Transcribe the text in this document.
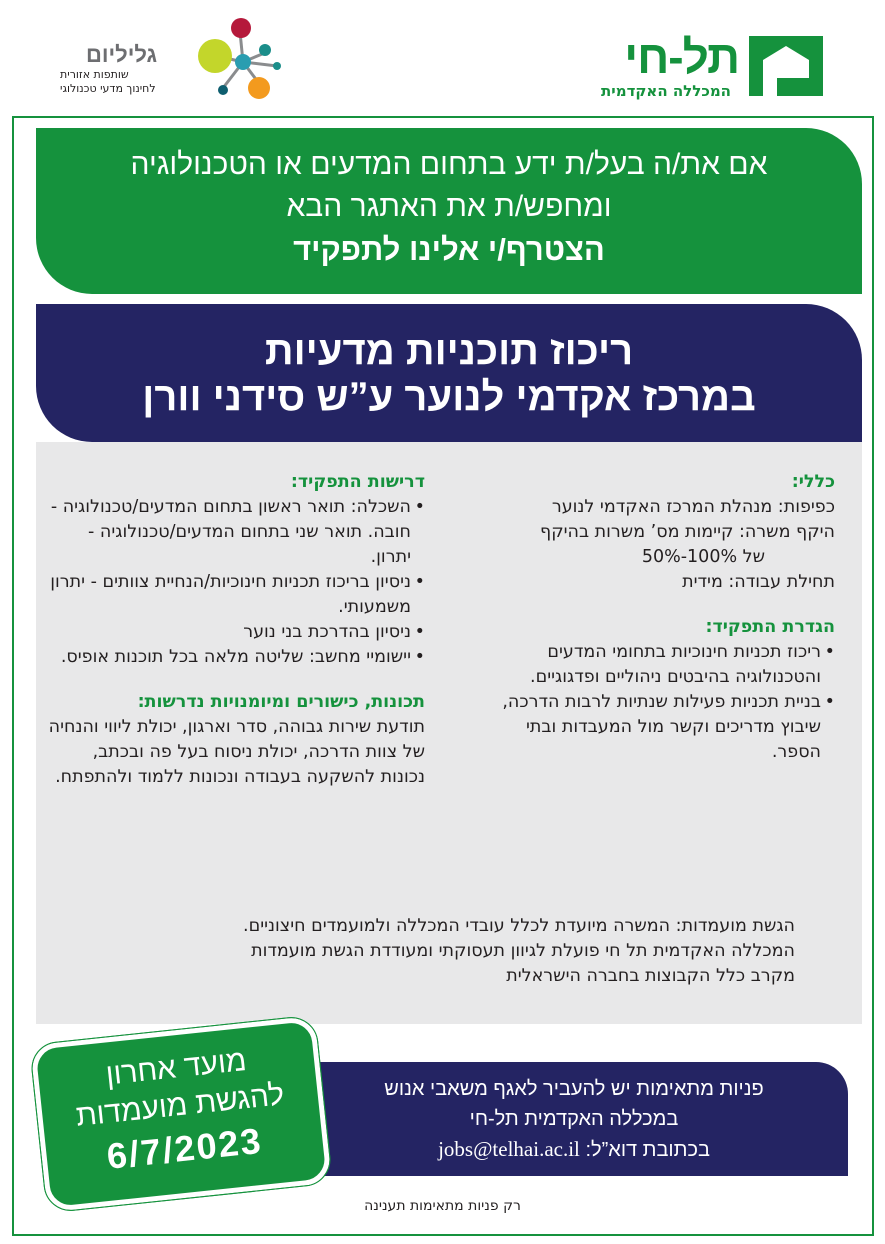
תל-חי
המכללה האקדמית
גליליום
שותפות אזורית
לחינוך מדעי טכנולוגי
אם את/ה בעל/ת ידע בתחום המדעים או הטכנולוגיה
ומחפש/ת את האתגר הבא
הצטרף/י אלינו לתפקיד
ריכוז תוכניות מדעיות
במרכז אקדמי לנוער ע”ש סידני וורן
כללי:
כפיפות: מנהלת המרכז האקדמי לנוער
היקף משרה: קיימות מס’ משרות בהיקף
של 100%-50%
תחילת עבודה: מידית
הגדרת התפקיד:
• ריכוז תכניות חינוכיות בתחומי המדעים והטכנולוגיה בהיבטים ניהוליים ופדגוגיים.
• בניית תכניות פעילות שנתיות לרבות הדרכה, שיבוץ מדריכים וקשר מול המעבדות ובתי הספר.
דרישות התפקיד:
• השכלה: תואר ראשון בתחום המדעים/טכנולוגיה - חובה. תואר שני בתחום המדעים/טכנולוגיה - יתרון.
• ניסיון בריכוז תכניות חינוכיות/הנחיית צוותים - יתרון משמעותי.
• ניסיון בהדרכת בני נוער
• יישומיי מחשב: שליטה מלאה בכל תוכנות אופיס.
תכונות, כישורים ומיומנויות נדרשות:
תודעת שירות גבוהה, סדר וארגון, יכולת ליווי והנחיה של צוות הדרכה, יכולת ניסוח בעל פה ובכתב, נכונות להשקעה בעבודה ונכונות ללמוד ולהתפתח.
הגשת מועמדות: המשרה מיועדת לכלל עובדי המכללה ולמועמדים חיצוניים.
המכללה האקדמית תל חי פועלת לגיוון תעסוקתי ומעודדת הגשת מועמדות
מקרב כלל הקבוצות בחברה הישראלית
פניות מתאימות יש להעביר לאגף משאבי אנוש
במכללה האקדמית תל-חי
בכתובת דוא”ל: jobs@telhai.ac.il
מועד אחרון
להגשת מועמדות
6/7/2023
רק פניות מתאימות תענינה
